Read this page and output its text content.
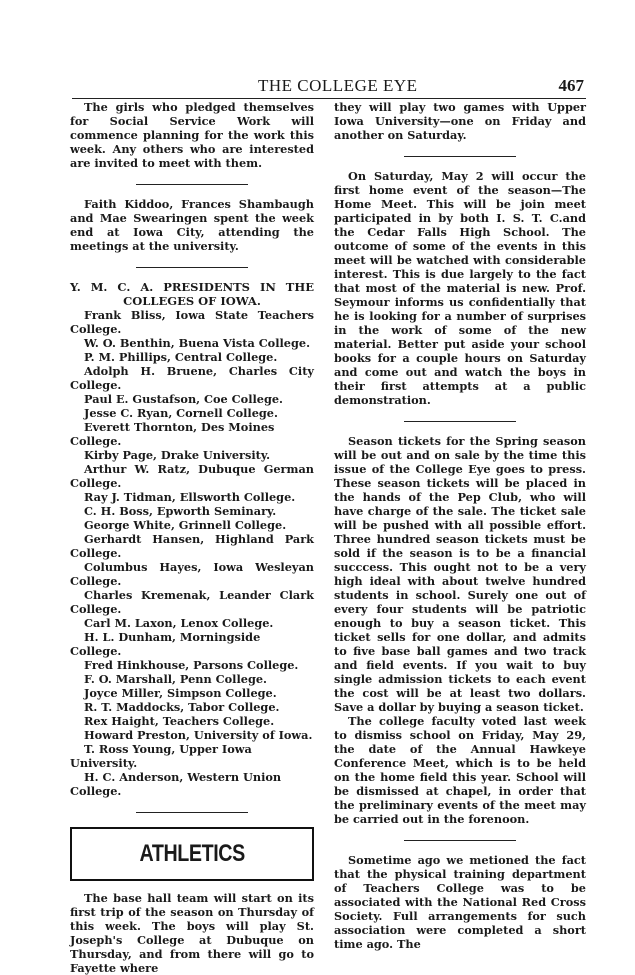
THE COLLEGE EYE	467

The girls who pledged themselves for Social Service Work will commence planning for the work this week. Any others who are interested are invited to meet with them.

Faith Kiddoo, Frances Shambaugh and Mae Swearingen spent the week end at Iowa City, attending the meetings at the university.

Y. M. C. A. PRESIDENTS IN THE
COLLEGES OF IOWA.
Frank Bliss, Iowa State Teachers College.
W. O. Benthin, Buena Vista College.
P. M. Phillips, Central College.
Adolph H. Bruene, Charles City College.
Paul E. Gustafson, Coe College.
Jesse C. Ryan, Cornell College.
Everett Thornton, Des Moines College.
Kirby Page, Drake University.
Arthur W. Ratz, Dubuque German College.
Ray J. Tidman, Ellsworth College.
C. H. Boss, Epworth Seminary.
George White, Grinnell College.
Gerhardt Hansen, Highland Park College.
Columbus Hayes, Iowa Wesleyan College.
Charles Kremenak, Leander Clark College.
Carl M. Laxon, Lenox College.
H. L. Dunham, Morningside College.
Fred Hinkhouse, Parsons College.
F. O. Marshall, Penn College.
Joyce Miller, Simpson College.
R. T. Maddocks, Tabor College.
Rex Haight, Teachers College.
Howard Preston, University of Iowa.
T. Ross Young, Upper Iowa University.
H. C. Anderson, Western Union College.
ATHLETICS

The base hall team will start on its first trip of the season on Thursday of this week. The boys will play St. Joseph's College at Dubuque on Thursday, and from there will go to Fayette where

they will play two games with Upper Iowa University—one on Friday and another on Saturday.

On Saturday, May 2 will occur the first home event of the season—The Home Meet. This will be join meet participated in by both I. S. T. C.and the Cedar Falls High School. The outcome of some of the events in this meet will be watched with considerable interest. This is due largely to the fact that most of the material is new. Prof. Seymour informs us confidentially that he is looking for a number of surprises in the work of some of the new material. Better put aside your school books for a couple hours on Saturday and come out and watch the boys in their first attempts at a public demonstration.

Season tickets for the Spring season will be out and on sale by the time this issue of the College Eye goes to press. These season tickets will be placed in the hands of the Pep Club, who will have charge of the sale. The ticket sale will be pushed with all possible effort. Three hundred season tickets must be sold if the season is to be a financial succcess. This ought not to be a very high ideal with about twelve hundred students in school. Surely one out of every four students will be patriotic enough to buy a season ticket. This ticket sells for one dollar, and admits to five base ball games and two track and field events. If you wait to buy single admission tickets to each event the cost will be at least two dollars. Save a dollar by buying a season ticket.

The college faculty voted last week to dismiss school on Friday, May 29, the date of the Annual Hawkeye Conference Meet, which is to be held on the home field this year. School will be dismissed at chapel, in order that the preliminary events of the meet may be carried out in the forenoon.

Sometime ago we metioned the fact that the physical training department of Teachers College was to be associated with the National Red Cross Society. Full arrangements for such association were completed a short time ago. The
